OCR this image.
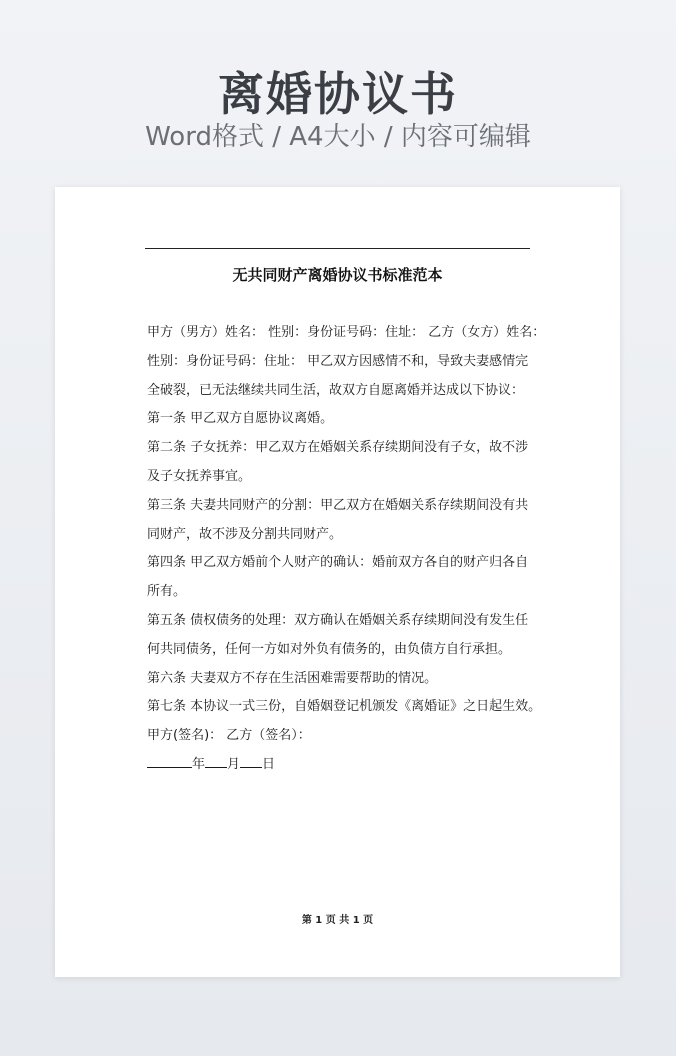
离婚协议书
Word格式 / A4大小 / 内容可编辑
无共同财产离婚协议书标准范本
甲方（男方）姓名： 性别：身份证号码：住址： 乙方（女方）姓名：
性别：身份证号码：住址： 甲乙双方因感情不和，导致夫妻感情完
全破裂，已无法继续共同生活，故双方自愿离婚并达成以下协议：
第一条 甲乙双方自愿协议离婚。
第二条 子女抚养：甲乙双方在婚姻关系存续期间没有子女，故不涉
及子女抚养事宜。
第三条 夫妻共同财产的分割：甲乙双方在婚姻关系存续期间没有共
同财产，故不涉及分割共同财产。
第四条 甲乙双方婚前个人财产的确认：婚前双方各自的财产归各自
所有。
第五条 债权债务的处理：双方确认在婚姻关系存续期间没有发生任
何共同债务，任何一方如对外负有债务的，由负债方自行承担。
第六条 夫妻双方不存在生活困难需要帮助的情况。
第七条 本协议一式三份，自婚姻登记机颁发《离婚证》之日起生效。
甲方(签名)： 乙方（签名）：
年 月 日
第 1 页 共 1 页
